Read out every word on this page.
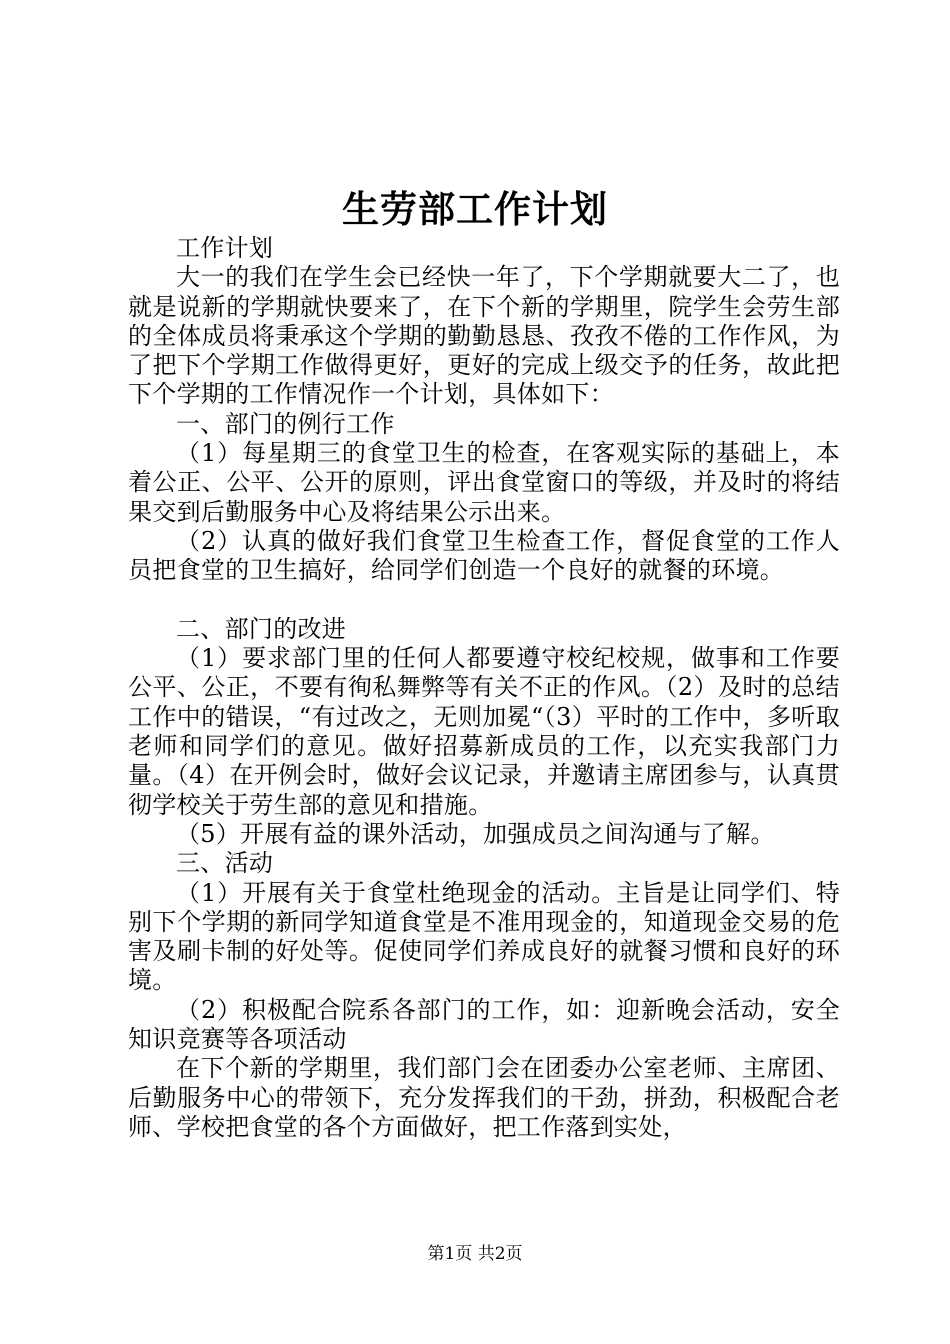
生劳部工作计划

工作计划

大一的我们在学生会已经快一年了，下个学期就要大二了，也就是说新的学期就快要来了，在下个新的学期里，院学生会劳生部的全体成员将秉承这个学期的勤勤恳恳、孜孜不倦的工作作风，为了把下个学期工作做得更好，更好的完成上级交予的任务，故此把下个学期的工作情况作一个计划，具体如下：

一、部门的例行工作

（1）每星期三的食堂卫生的检查，在客观实际的基础上，本着公正、公平、公开的原则，评出食堂窗口的等级，并及时的将结果交到后勤服务中心及将结果公示出来。

（2）认真的做好我们食堂卫生检查工作，督促食堂的工作人员把食堂的卫生搞好，给同学们创造一个良好的就餐的环境。

二、部门的改进

（1）要求部门里的任何人都要遵守校纪校规，做事和工作要公平、公正，不要有徇私舞弊等有关不正的作风。（2）及时的总结工作中的错误，“有过改之，无则加冕“（3）平时的工作中，多听取老师和同学们的意见。做好招募新成员的工作，以充实我部门力量。（4）在开例会时，做好会议记录，并邀请主席团参与，认真贯彻学校关于劳生部的意见和措施。

（5）开展有益的课外活动，加强成员之间沟通与了解。

三、活动

（1）开展有关于食堂杜绝现金的活动。主旨是让同学们、特别下个学期的新同学知道食堂是不准用现金的，知道现金交易的危害及刷卡制的好处等。促使同学们养成良好的就餐习惯和良好的环境。

（2）积极配合院系各部门的工作，如：迎新晚会活动，安全知识竞赛等各项活动

在下个新的学期里，我们部门会在团委办公室老师、主席团、后勤服务中心的带领下，充分发挥我们的干劲，拼劲，积极配合老师、学校把食堂的各个方面做好，把工作落到实处，

第1页 共2页
